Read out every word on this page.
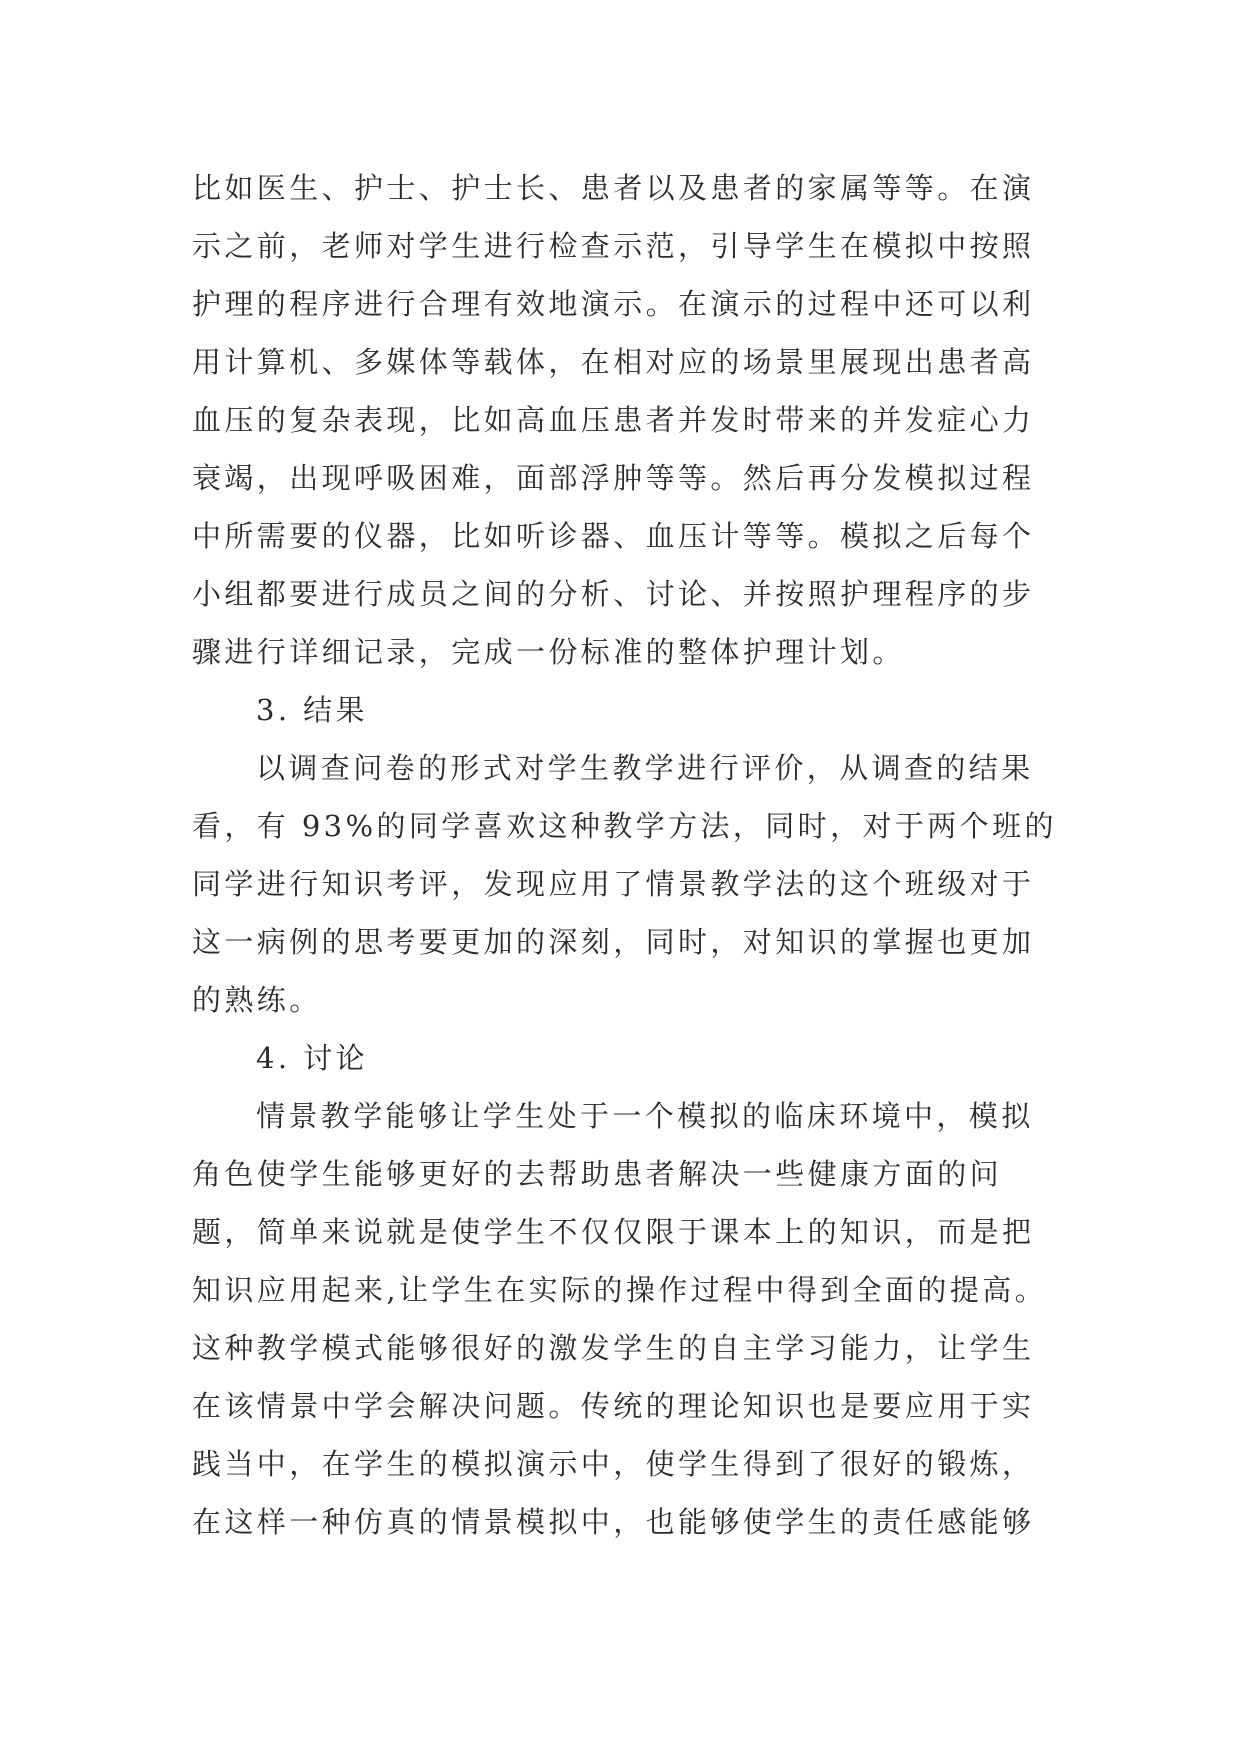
比如医生、护士、护士长、患者以及患者的家属等等。在演
示之前，老师对学生进行检查示范，引导学生在模拟中按照
护理的程序进行合理有效地演示。在演示的过程中还可以利
用计算机、多媒体等载体，在相对应的场景里展现出患者高
血压的复杂表现，比如高血压患者并发时带来的并发症心力
衰竭，出现呼吸困难，面部浮肿等等。然后再分发模拟过程
中所需要的仪器，比如听诊器、血压计等等。模拟之后每个
小组都要进行成员之间的分析、讨论、并按照护理程序的步
骤进行详细记录，完成一份标准的整体护理计划。
3. 结果
以调查问卷的形式对学生教学进行评价，从调查的结果
看，有 93%的同学喜欢这种教学方法，同时，对于两个班的
同学进行知识考评，发现应用了情景教学法的这个班级对于
这一病例的思考要更加的深刻，同时，对知识的掌握也更加
的熟练。
4. 讨论
情景教学能够让学生处于一个模拟的临床环境中，模拟
角色使学生能够更好的去帮助患者解决一些健康方面的问
题，简单来说就是使学生不仅仅限于课本上的知识，而是把
知识应用起来,让学生在实际的操作过程中得到全面的提高。
这种教学模式能够很好的激发学生的自主学习能力，让学生
在该情景中学会解决问题。传统的理论知识也是要应用于实
践当中，在学生的模拟演示中，使学生得到了很好的锻炼，
在这样一种仿真的情景模拟中，也能够使学生的责任感能够
